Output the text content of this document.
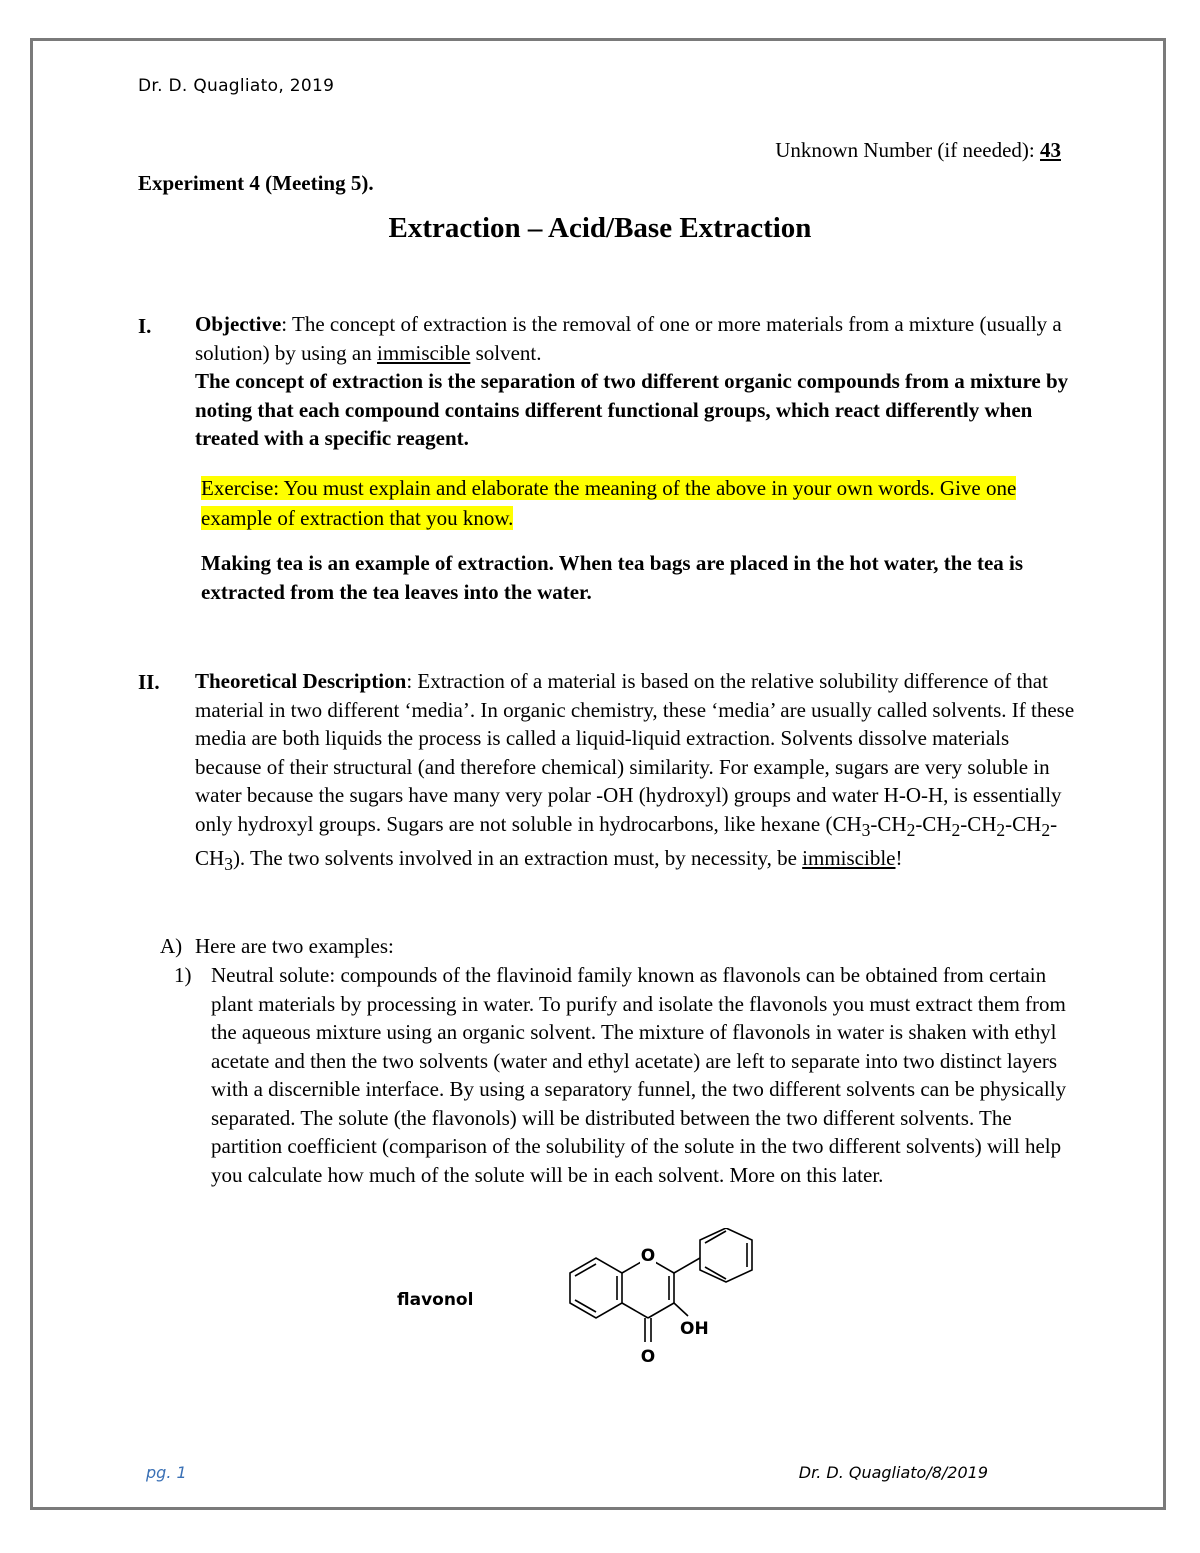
Dr. D. Quagliato, 2019
Unknown Number (if needed): 43
Experiment 4 (Meeting 5).
Extraction – Acid/Base Extraction
I. Objective: The concept of extraction is the removal of one or more materials from a mixture (usually a solution) by using an immiscible solvent.

The concept of extraction is the separation of two different organic compounds from a mixture by noting that each compound contains different functional groups, which react differently when treated with a specific reagent.

Exercise: You must explain and elaborate the meaning of the above in your own words. Give one example of extraction that you know.
Making tea is an example of extraction. When tea bags are placed in the hot water, the tea is extracted from the tea leaves into the water.
II. Theoretical Description: Extraction of a material is based on the relative solubility difference of that material in two different ‘media’. In organic chemistry, these ‘media’ are usually called solvents. If these media are both liquids the process is called a liquid-liquid extraction. Solvents dissolve materials because of their structural (and therefore chemical) similarity. For example, sugars are very soluble in water because the sugars have many very polar -OH (hydroxyl) groups and water H-O-H, is essentially only hydroxyl groups. Sugars are not soluble in hydrocarbons, like hexane $(CH_3-CH_2-CH_2-CH_2-CH_2-CH_3)$. The two solvents involved in an extraction must, by necessity, be immiscible!

A) Here are two examples:
1) Neutral solute: compounds of the flavinoid family known as flavonols can be obtained from certain plant materials by processing in water. To purify and isolate the flavonols you must extract them from the aqueous mixture using an organic solvent. The mixture of flavonols in water is shaken with ethyl acetate and then the two solvents (water and ethyl acetate) are left to separate into two distinct layers with a discernible interface. By using a separatory funnel, the two different solvents can be physically separated. The solute (the flavonols) will be distributed between the two different solvents. The partition coefficient (comparison of the solubility of the solute in the two different solvents) will help you calculate how much of the solute will be in each solvent. More on this later.
flavonol
O
OH
O
pg. 1	Dr. D. Quagliato/8/2019
